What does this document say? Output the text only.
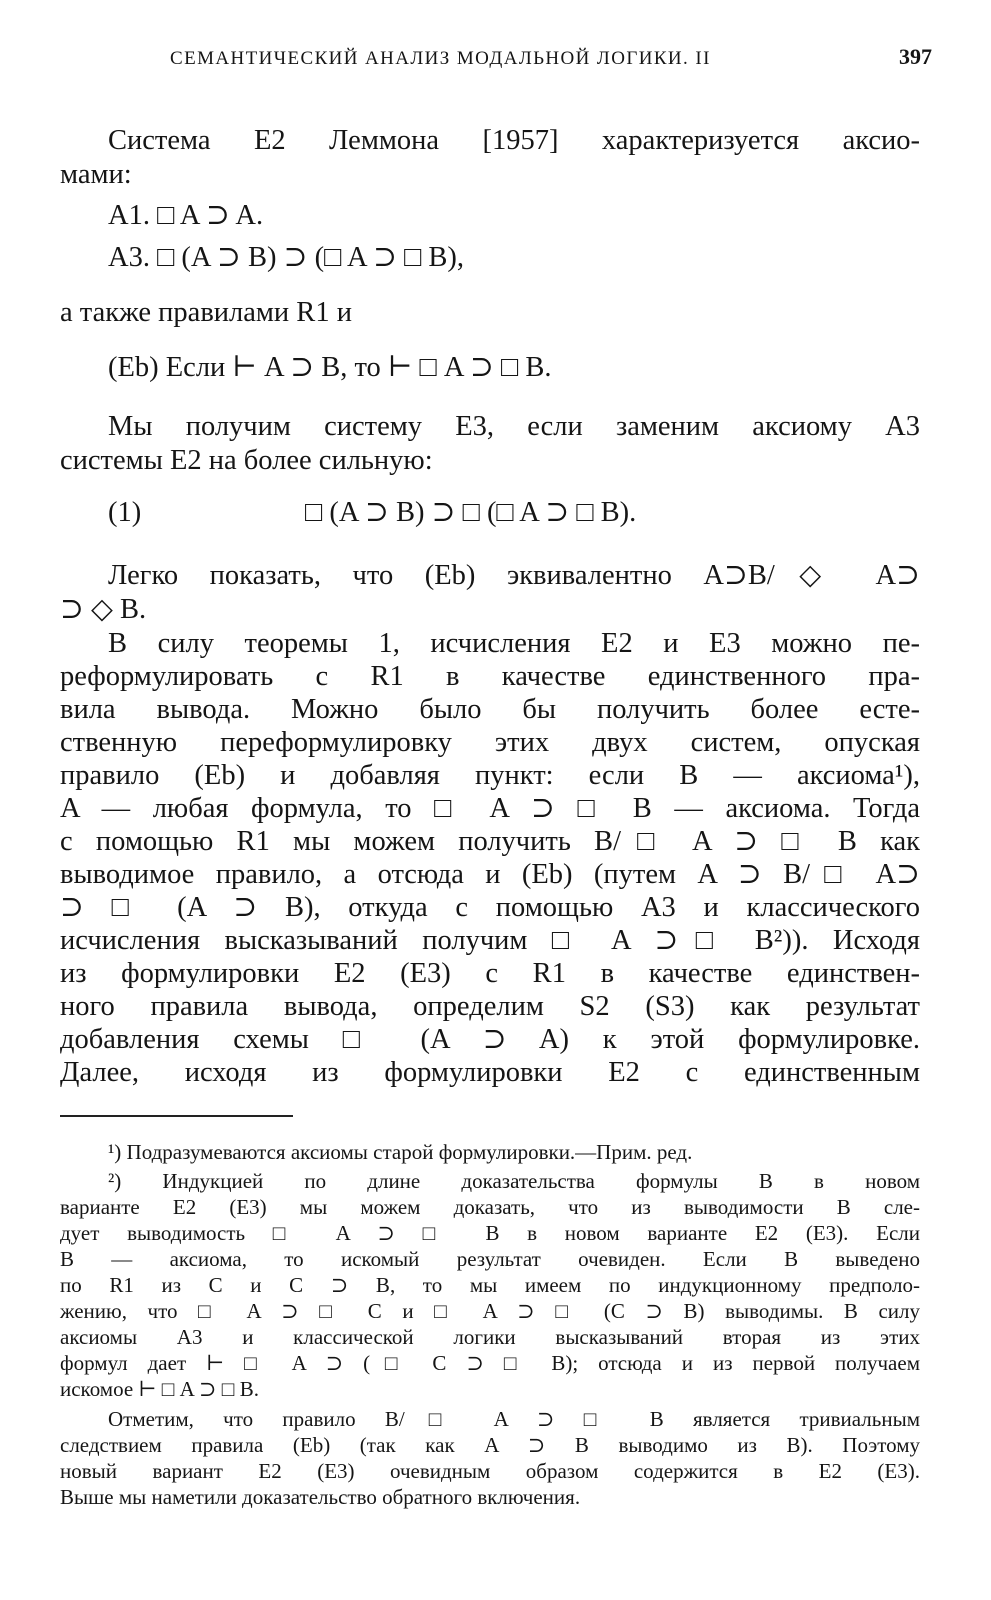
СЕМАНТИЧЕСКИЙ АНАЛИЗ МОДАЛЬНОЙ ЛОГИКИ. II	397
Система E2 Леммона [1957] характеризуется аксио-
мами:
A1. □ A ⊃ A.
A3. □ (A ⊃ B) ⊃ (□ A ⊃ □ B),
а также правилами R1 и
(Eb) Если ⊢ A ⊃ B, то ⊢ □ A ⊃ □ B.
Мы получим систему E3, если заменим аксиому A3
системы E2 на более сильную:
(1)	□ (A ⊃ B) ⊃ □ (□ A ⊃ □ B).
Легко показать, что (Eb) эквивалентно A⊃B/◇ A⊃
⊃ ◇ B.
В силу теоремы 1, исчисления E2 и E3 можно пе-
реформулировать с R1 в качестве единственного пра-
вила вывода. Можно было бы получить более есте-
ственную переформулировку этих двух систем, опуская
правило (Eb) и добавляя пункт: если B — аксиома¹),
A — любая формула, то □ A ⊃ □ B — аксиома. Тогда
с помощью R1 мы можем получить B/□ A ⊃ □ B как
выводимое правило, а отсюда и (Eb) (путем A ⊃ B/□ A⊃
⊃ □ (A ⊃ B), откуда с помощью A3 и классического
исчисления высказываний получим □ A ⊃□ B²)). Исходя
из формулировки E2 (E3) с R1 в качестве единствен-
ного правила вывода, определим S2 (S3) как результат
добавления схемы □ (A ⊃ A) к этой формулировке.
Далее, исходя из формулировки E2 с единственным
¹) Подразумеваются аксиомы старой формулировки.—Прим. ред.
²) Индукцией по длине доказательства формулы B в новом
варианте E2 (E3) мы можем доказать, что из выводимости B сле-
дует выводимость □ A ⊃ □ B в новом варианте E2 (E3). Если
B — аксиома, то искомый результат очевиден. Если B выведено
по R1 из C и C ⊃ B, то мы имеем по индукционному предполо-
жению, что □ A ⊃ □ C и □ A ⊃ □ (C ⊃ B) выводимы. В силу
аксиомы A3 и классической логики высказываний вторая из этих
формул дает ⊢ □ A ⊃ (□ C ⊃ □ B); отсюда и из первой получаем
искомое ⊢ □ A ⊃ □ B.
Отметим, что правило B/□ A ⊃ □ B является тривиальным
следствием правила (Eb) (так как A ⊃ B выводимо из B). Поэтому
новый вариант E2 (E3) очевидным образом содержится в E2 (E3).
Выше мы наметили доказательство обратного включения.
